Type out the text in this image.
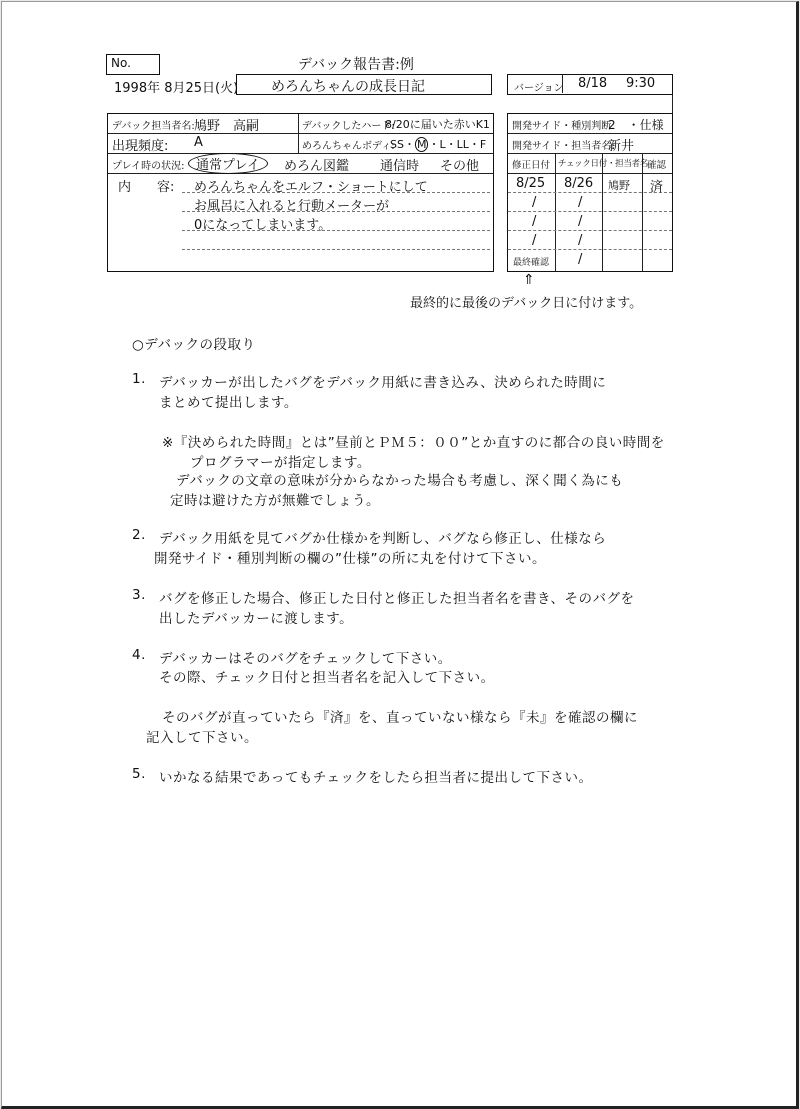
No.	デバック報告書:例
1998年 8月25日(火) めろんちゃんの成長日記	バージョン 8/18 9:30
デバック担当者名: 鳩野　高嗣	デバックしたハード:
8/20に届いた赤いK1
出現頻度: A	めろんちゃんボディ:
SS・ M ・L・LL・F
プレイ時の状況: 通常プレイ	めろん図鑑 通信時 その他
内　　容: めろんちゃんをエルフ・ショートにして
お風呂に入れると行動メーターが
0になってしまいます。
開発サイド・種別判断:
2　・仕様
開発サイド・担当者名:
新井
修正日付 チェック日付・担当者名 確認
8/25 8/26 鳩野 済
/	/
/	/
/	/
最終確認 /
⇑
最終的に最後のデバック日に付けます。
○デバックの段取り
1. デバッカーが出したバグをデバック用紙に書き込み、決められた時間に
まとめて提出します。
※『決められた時間』とは”昼前とＰＭ５：００”とか直すのに都合の良い時間を
プログラマーが指定します。
デバックの文章の意味が分からなかった場合も考慮し、深く聞く為にも
定時は避けた方が無難でしょう。
2. デバック用紙を見てバグか仕様かを判断し、バグなら修正し、仕様なら
開発サイド・種別判断の欄の”仕様”の所に丸を付けて下さい。
3. バグを修正した場合、修正した日付と修正した担当者名を書き、そのバグを
出したデバッカーに渡します。
4. デバッカーはそのバグをチェックして下さい。
その際、チェック日付と担当者名を記入して下さい。
そのバグが直っていたら『済』を、直っていない様なら『未』を確認の欄に
記入して下さい。
5. いかなる結果であってもチェックをしたら担当者に提出して下さい。
